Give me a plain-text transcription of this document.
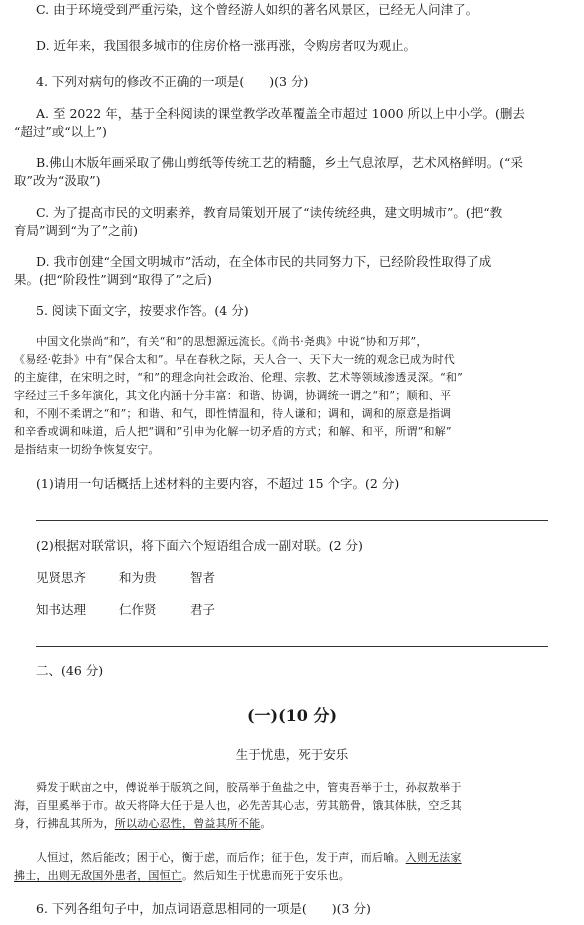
C. 由于环境受到严重污染，这个曾经游人如织的著名风景区，已经无人问津了。
D. 近年来，我国很多城市的住房价格一涨再涨，令购房者叹为观止。
4. 下列对病句的修改不正确的一项是(　　)(3 分)
A. 至 2022 年，基于全科阅读的课堂教学改革覆盖全市超过 1000 所以上中小学。(删去
“超过”或“以上”)
B.佛山木版年画采取了佛山剪纸等传统工艺的精髓，乡土气息浓厚，艺术风格鲜明。(“采
取”改为“汲取”)
C. 为了提高市民的文明素养，教育局策划开展了“读传统经典，建文明城市”。(把“教
育局”调到“为了”之前)
D. 我市创建“全国文明城市”活动，在全体市民的共同努力下，已经阶段性取得了成
果。(把“阶段性”调到“取得了”之后)
5. 阅读下面文字，按要求作答。(4 分)
中国文化崇尚“和”，有关“和”的思想源远流长。《尚书·尧典》中说“协和万邦”，
《易经·乾卦》中有“保合太和”。早在春秋之际，天人合一、天下大一统的观念已成为时代
的主旋律，在宋明之时，“和”的理念向社会政治、伦理、宗教、艺术等领域渗透灵深。“和”
字经过三千多年演化，其文化内涵十分丰富：和谐、协调，协调统一谓之“和”；顺和、平
和，不刚不柔谓之“和”；和谐、和气，即性情温和，待人谦和；调和，调和的原意是指调
和辛香或调和味道，后人把“调和”引申为化解一切矛盾的方式；和解、和平，所谓“和解”
是指结束一切纷争恢复安宁。
(1)请用一句话概括上述材料的主要内容，不超过 15 个字。(2 分)
(2)根据对联常识，将下面六个短语组合成一副对联。(2 分)
见贤思齐	和为贵	智者
知书达理	仁作贤	君子
二、(46 分)
(一)(10 分)
生于忧患，死于安乐
舜发于畎亩之中，傅说举于版筑之间，胶鬲举于鱼盐之中，管夷吾举于士，孙叔敖举于
海，百里奚举于市。故天将降大任于是人也，必先苦其心志，劳其筋骨，饿其体肤，空乏其
身，行拂乱其所为，所以动心忍性，曾益其所不能。
人恒过，然后能改；困于心，衡于虑，而后作；征于色，发于声，而后喻。入则无法家
拂士，出则无敌国外患者，国恒亡。然后知生于忧患而死于安乐也。
6. 下列各组句子中，加点词语意思相同的一项是(　　)(3 分)
